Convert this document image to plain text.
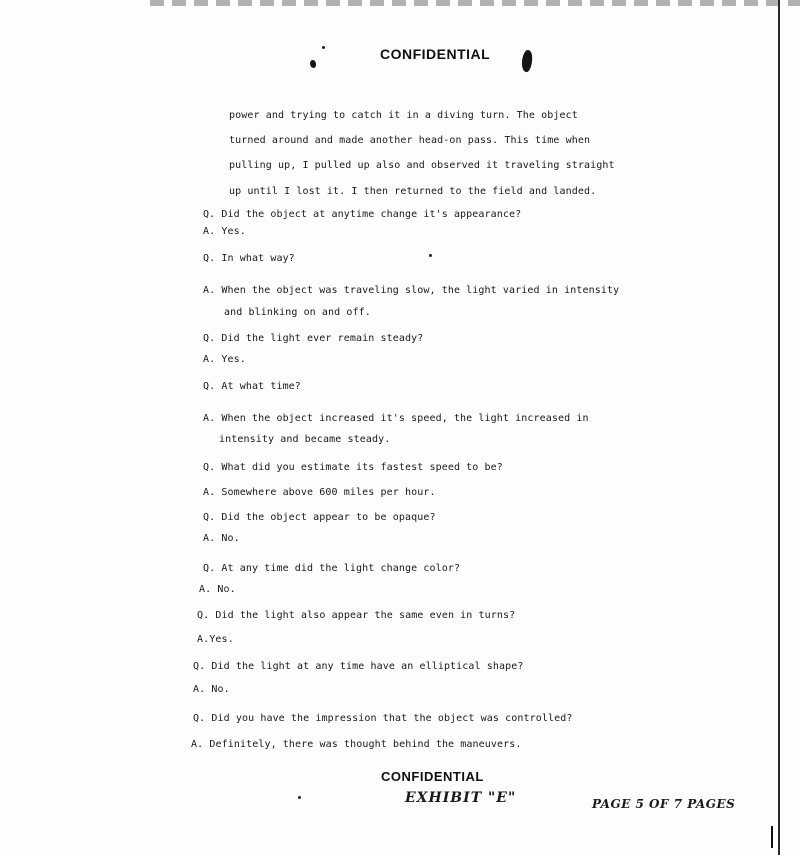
CONFIDENTIAL
power and trying to catch it in a diving turn. The object
turned around and made another head-on pass. This time when
pulling up, I pulled up also and observed it traveling straight
up until I lost it. I then returned to the field and landed.
Q. Did the object at anytime change it's appearance?
A. Yes.
Q. In what way?
A. When the object was traveling slow, the light varied in intensity
and blinking on and off.
Q. Did the light ever remain steady?
A. Yes.
Q. At what time?
A. When the object increased it's speed, the light increased in
intensity and became steady.
Q. What did you estimate its fastest speed to be?
A. Somewhere above 600 miles per hour.
Q. Did the object appear to be opaque?
A. No.
Q. At any time did the light change color?
A. No.
Q. Did the light also appear the same even in turns?
A.Yes.
Q. Did the light at any time have an elliptical shape?
A. No.
Q. Did you have the impression that the object was controlled?
A. Definitely, there was thought behind the maneuvers.
CONFIDENTIAL
EXHIBIT "E"	PAGE 5 OF 7 PAGES
